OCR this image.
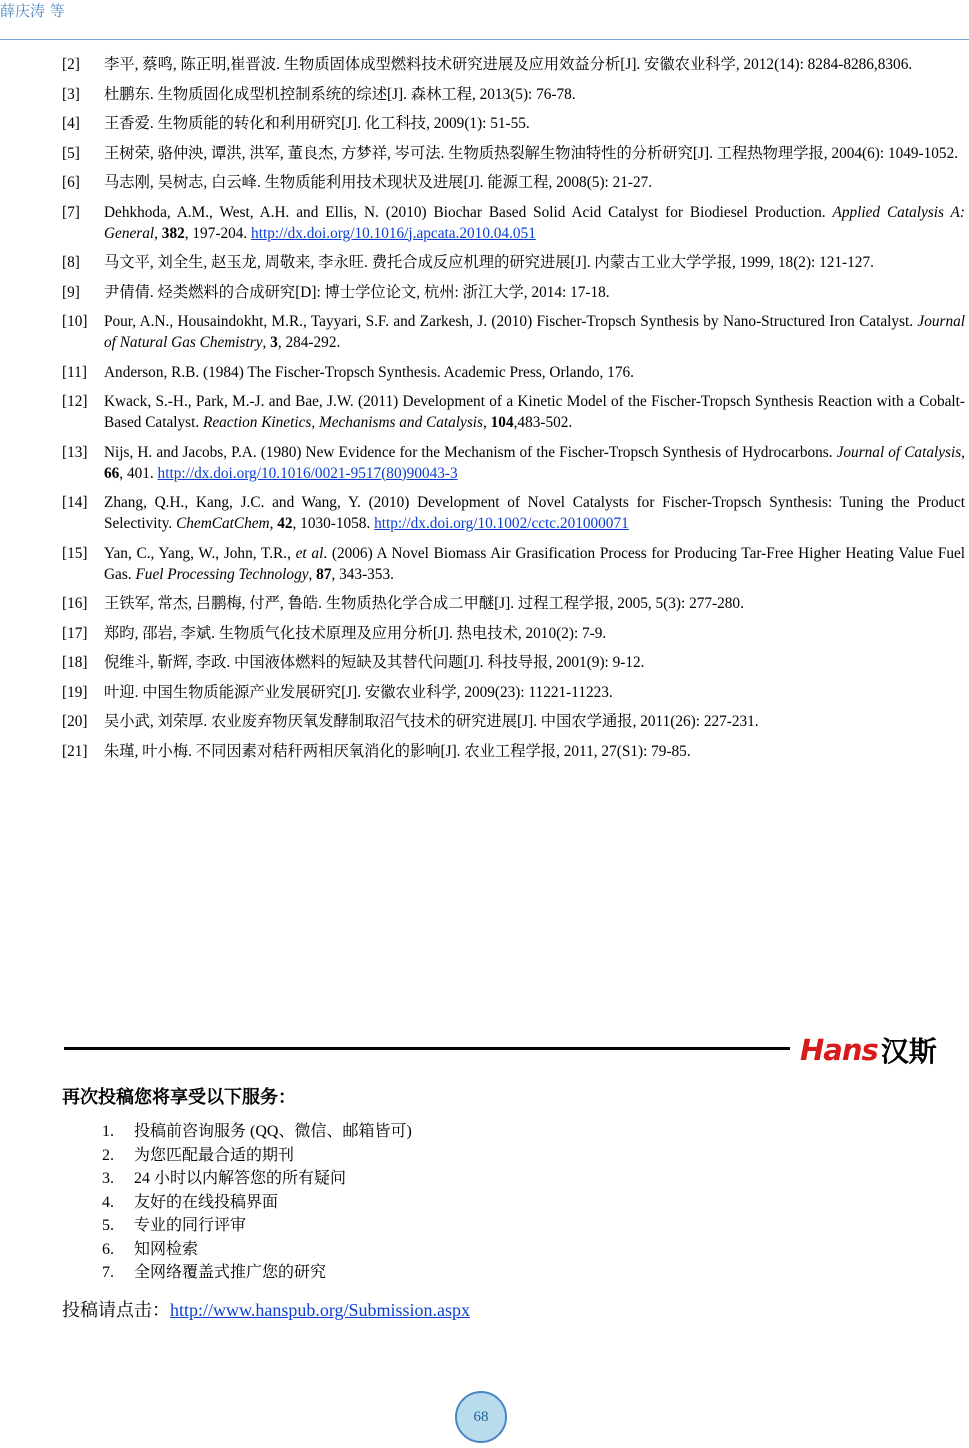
薛庆涛 等
[2]	李平, 蔡鸣, 陈正明,崔晋波. 生物质固体成型燃料技术研究进展及应用效益分析[J]. 安徽农业科学, 2012(14): 8284-8286,8306.
[3]	杜鹏东. 生物质固化成型机控制系统的综述[J]. 森林工程, 2013(5): 76-78.
[4]	王香爱. 生物质能的转化和利用研究[J]. 化工科技, 2009(1): 51-55.
[5]	王树荣, 骆仲泱, 谭洪, 洪军, 董良杰, 方梦祥, 岑可法. 生物质热裂解生物油特性的分析研究[J]. 工程热物理学报, 2004(6): 1049-1052.
[6]	马志刚, 吴树志, 白云峰. 生物质能利用技术现状及进展[J]. 能源工程, 2008(5): 21-27.
[7]	Dehkhoda, A.M., West, A.H. and Ellis, N. (2010) Biochar Based Solid Acid Catalyst for Biodiesel Production. Applied Catalysis A: General, 382, 197-204. http://dx.doi.org/10.1016/j.apcata.2010.04.051
[8]	马文平, 刘全生, 赵玉龙, 周敬来, 李永旺. 费托合成反应机理的研究进展[J]. 内蒙古工业大学学报, 1999, 18(2): 121-127.
[9]	尹倩倩. 烃类燃料的合成研究[D]: 博士学位论文, 杭州: 浙江大学, 2014: 17-18.
[10]	Pour, A.N., Housaindokht, M.R., Tayyari, S.F. and Zarkesh, J. (2010) Fischer-Tropsch Synthesis by Nano-Structured Iron Catalyst. Journal of Natural Gas Chemistry, 3, 284-292.
[11]	Anderson, R.B. (1984) The Fischer-Tropsch Synthesis. Academic Press, Orlando, 176.
[12]	Kwack, S.-H., Park, M.-J. and Bae, J.W. (2011) Development of a Kinetic Model of the Fischer-Tropsch Synthesis Reaction with a Cobalt-Based Catalyst. Reaction Kinetics, Mechanisms and Catalysis, 104,483-502.
[13]	Nijs, H. and Jacobs, P.A. (1980) New Evidence for the Mechanism of the Fischer-Tropsch Synthesis of Hydrocarbons. Journal of Catalysis, 66, 401. http://dx.doi.org/10.1016/0021-9517(80)90043-3
[14]	Zhang, Q.H., Kang, J.C. and Wang, Y. (2010) Development of Novel Catalysts for Fischer-Tropsch Synthesis: Tuning the Product Selectivity. ChemCatChem, 42, 1030-1058. http://dx.doi.org/10.1002/cctc.201000071
[15]	Yan, C., Yang, W., John, T.R., et al. (2006) A Novel Biomass Air Grasification Process for Producing Tar-Free Higher Heating Value Fuel Gas. Fuel Processing Technology, 87, 343-353.
[16]	王铁军, 常杰, 吕鹏梅, 付严, 鲁皓. 生物质热化学合成二甲醚[J]. 过程工程学报, 2005, 5(3): 277-280.
[17]	郑昀, 邵岩, 李斌. 生物质气化技术原理及应用分析[J]. 热电技术, 2010(2): 7-9.
[18]	倪维斗, 靳辉, 李政. 中国液体燃料的短缺及其替代问题[J]. 科技导报, 2001(9): 9-12.
[19]	叶迎. 中国生物质能源产业发展研究[J]. 安徽农业科学, 2009(23): 11221-11223.
[20]	吴小武, 刘荣厚. 农业废弃物厌氧发酵制取沼气技术的研究进展[J]. 中国农学通报, 2011(26): 227-231.
[21]	朱瑾, 叶小梅. 不同因素对秸秆两相厌氧消化的影响[J]. 农业工程学报, 2011, 27(S1): 79-85.
Hans 汉斯
再次投稿您将享受以下服务：
1.	投稿前咨询服务 (QQ、微信、邮箱皆可)
2.	为您匹配最合适的期刊
3.	24 小时以内解答您的所有疑问
4.	友好的在线投稿界面
5.	专业的同行评审
6.	知网检索
7.	全网络覆盖式推广您的研究
投稿请点击：http://www.hanspub.org/Submission.aspx
68
